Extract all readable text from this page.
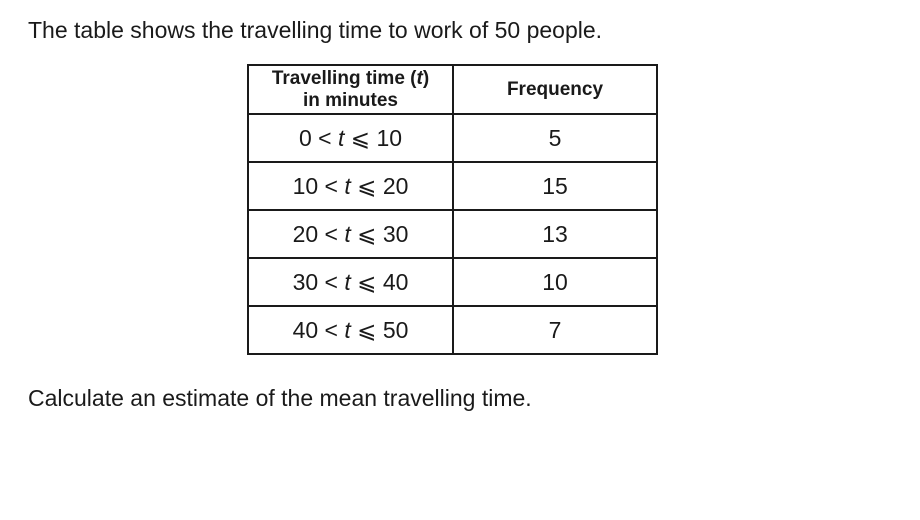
The table shows the travelling time to work of 50 people.

Travelling time (t)
in minutes	Frequency
0 < t ⩽ 10	5
10 < t ⩽ 20	15
20 < t ⩽ 30	13
30 < t ⩽ 40	10
40 < t ⩽ 50	7

Calculate an estimate of the mean travelling time.
